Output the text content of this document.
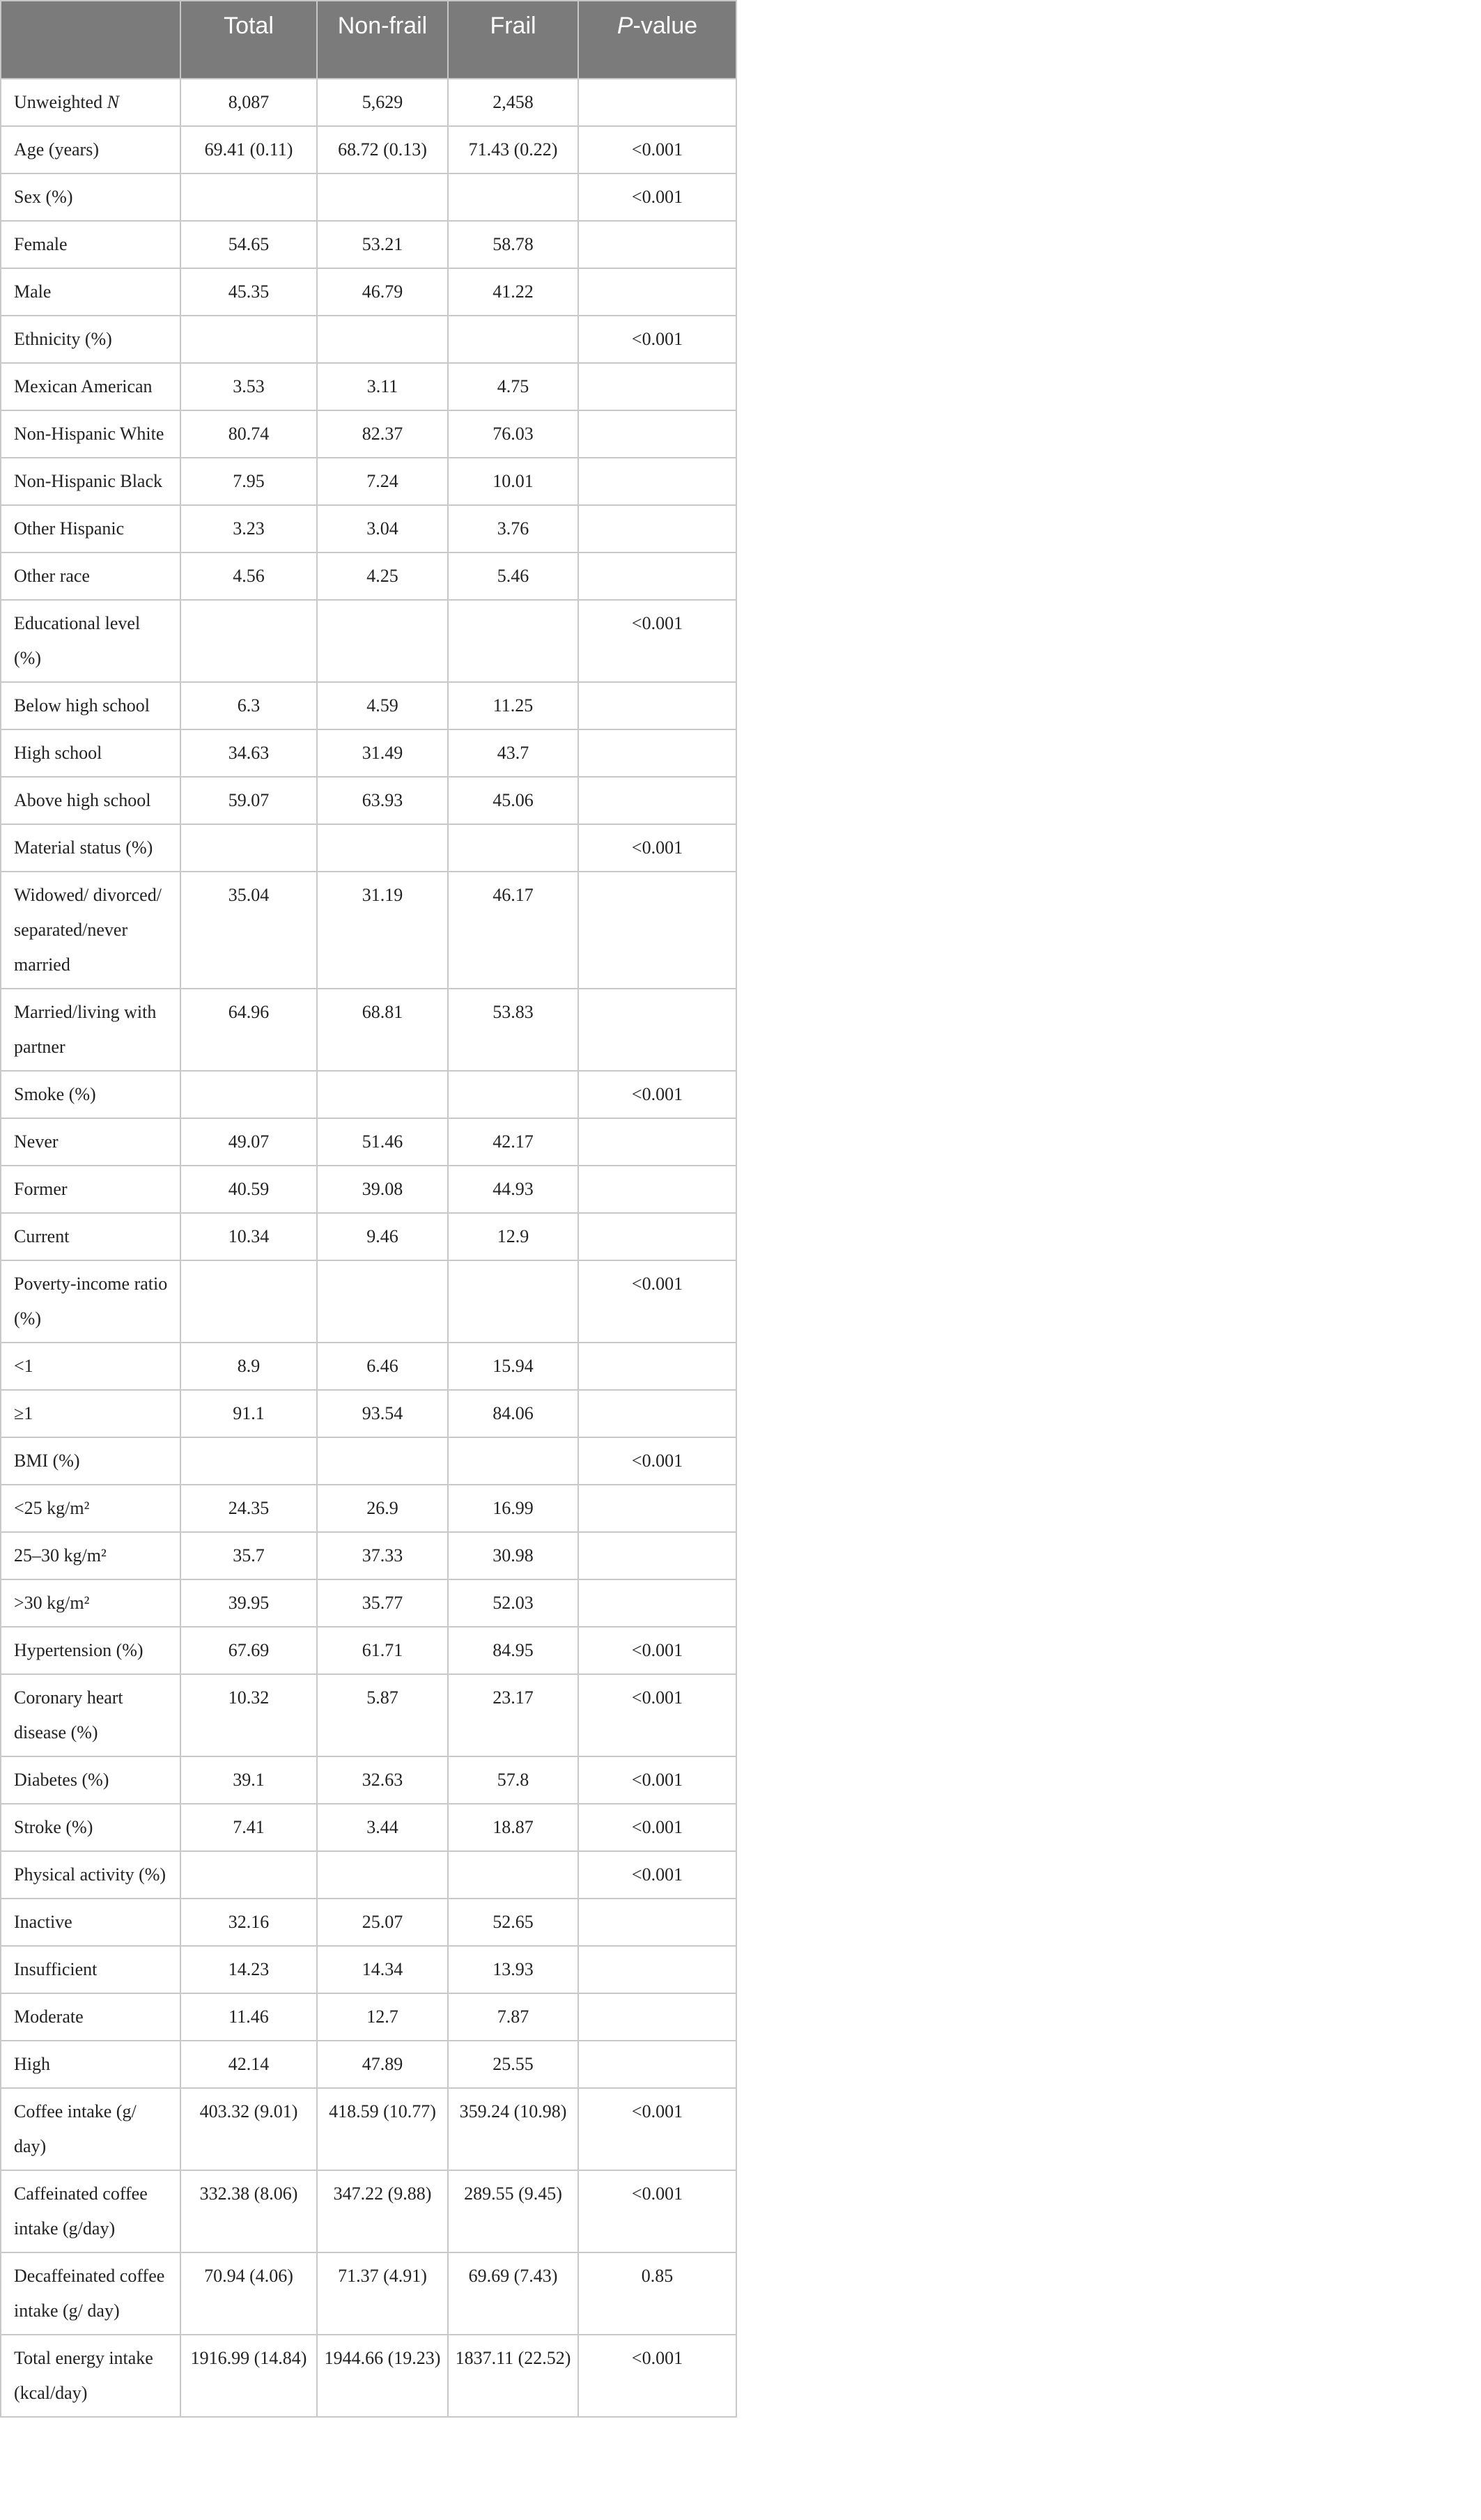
	Total	Non-frail	Frail	P-value
Unweighted N	8,087	5,629	2,458	
Age (years)	69.41 (0.11)	68.72 (0.13)	71.43 (0.22)	<0.001
Sex (%)				<0.001
Female	54.65	53.21	58.78	
Male	45.35	46.79	41.22	
Ethnicity (%)				<0.001
Mexican American	3.53	3.11	4.75	
Non-Hispanic White	80.74	82.37	76.03	
Non-Hispanic Black	7.95	7.24	10.01	
Other Hispanic	3.23	3.04	3.76	
Other race	4.56	4.25	5.46	
Educational level (%)				<0.001
Below high school	6.3	4.59	11.25	
High school	34.63	31.49	43.7	
Above high school	59.07	63.93	45.06	
Material status (%)				<0.001
Widowed/ divorced/ separated/never married	35.04	31.19	46.17	
Married/living with partner	64.96	68.81	53.83	
Smoke (%)				<0.001
Never	49.07	51.46	42.17	
Former	40.59	39.08	44.93	
Current	10.34	9.46	12.9	
Poverty-income ratio (%)				<0.001
<1	8.9	6.46	15.94	
≥1	91.1	93.54	84.06	
BMI (%)				<0.001
<25 kg/m²	24.35	26.9	16.99	
25–30 kg/m²	35.7	37.33	30.98	
>30 kg/m²	39.95	35.77	52.03	
Hypertension (%)	67.69	61.71	84.95	<0.001
Coronary heart disease (%)	10.32	5.87	23.17	<0.001
Diabetes (%)	39.1	32.63	57.8	<0.001
Stroke (%)	7.41	3.44	18.87	<0.001
Physical activity (%)				<0.001
Inactive	32.16	25.07	52.65	
Insufficient	14.23	14.34	13.93	
Moderate	11.46	12.7	7.87	
High	42.14	47.89	25.55	
Coffee intake (g/ day)	403.32 (9.01)	418.59 (10.77)	359.24 (10.98)	<0.001
Caffeinated coffee intake (g/day)	332.38 (8.06)	347.22 (9.88)	289.55 (9.45)	<0.001
Decaffeinated coffee intake (g/ day)	70.94 (4.06)	71.37 (4.91)	69.69 (7.43)	0.85
Total energy intake (kcal/day)	1916.99 (14.84)	1944.66 (19.23)	1837.11 (22.52)	<0.001
